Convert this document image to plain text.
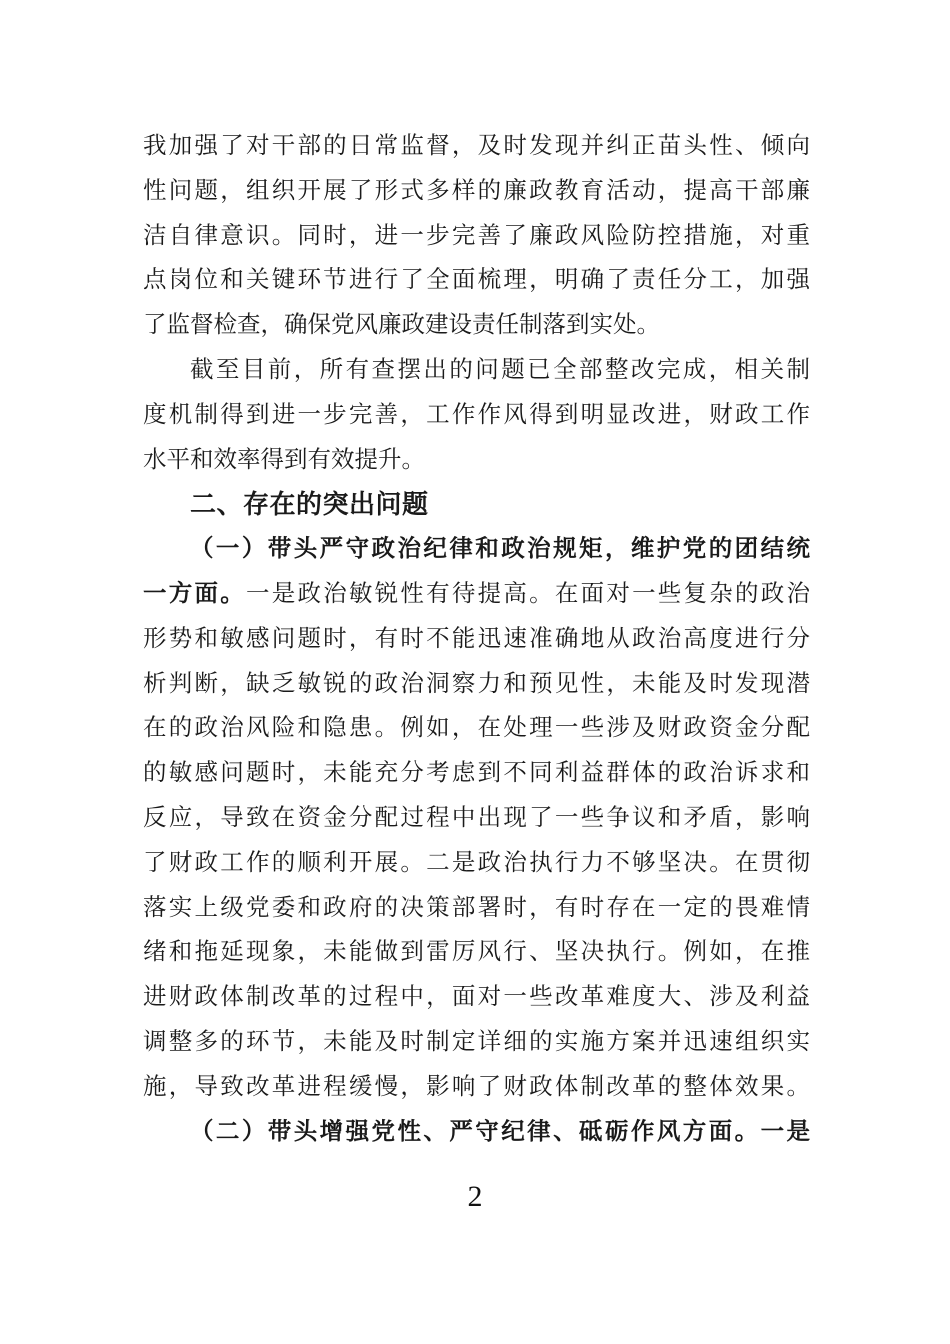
我加强了对干部的日常监督，及时发现并纠正苗头性、倾向
性问题，组织开展了形式多样的廉政教育活动，提高干部廉
洁自律意识。同时，进一步完善了廉政风险防控措施，对重
点岗位和关键环节进行了全面梳理，明确了责任分工，加强
了监督检查，确保党风廉政建设责任制落到实处。
截至目前，所有查摆出的问题已全部整改完成，相关制
度机制得到进一步完善，工作作风得到明显改进，财政工作
水平和效率得到有效提升。
二、存在的突出问题
（一）带头严守政治纪律和政治规矩，维护党的团结统
一方面。一是政治敏锐性有待提高。在面对一些复杂的政治
形势和敏感问题时，有时不能迅速准确地从政治高度进行分
析判断，缺乏敏锐的政治洞察力和预见性，未能及时发现潜
在的政治风险和隐患。例如，在处理一些涉及财政资金分配
的敏感问题时，未能充分考虑到不同利益群体的政治诉求和
反应，导致在资金分配过程中出现了一些争议和矛盾，影响
了财政工作的顺利开展。二是政治执行力不够坚决。在贯彻
落实上级党委和政府的决策部署时，有时存在一定的畏难情
绪和拖延现象，未能做到雷厉风行、坚决执行。例如，在推
进财政体制改革的过程中，面对一些改革难度大、涉及利益
调整多的环节，未能及时制定详细的实施方案并迅速组织实
施，导致改革进程缓慢，影响了财政体制改革的整体效果。
（二）带头增强党性、严守纪律、砥砺作风方面。一是
2
